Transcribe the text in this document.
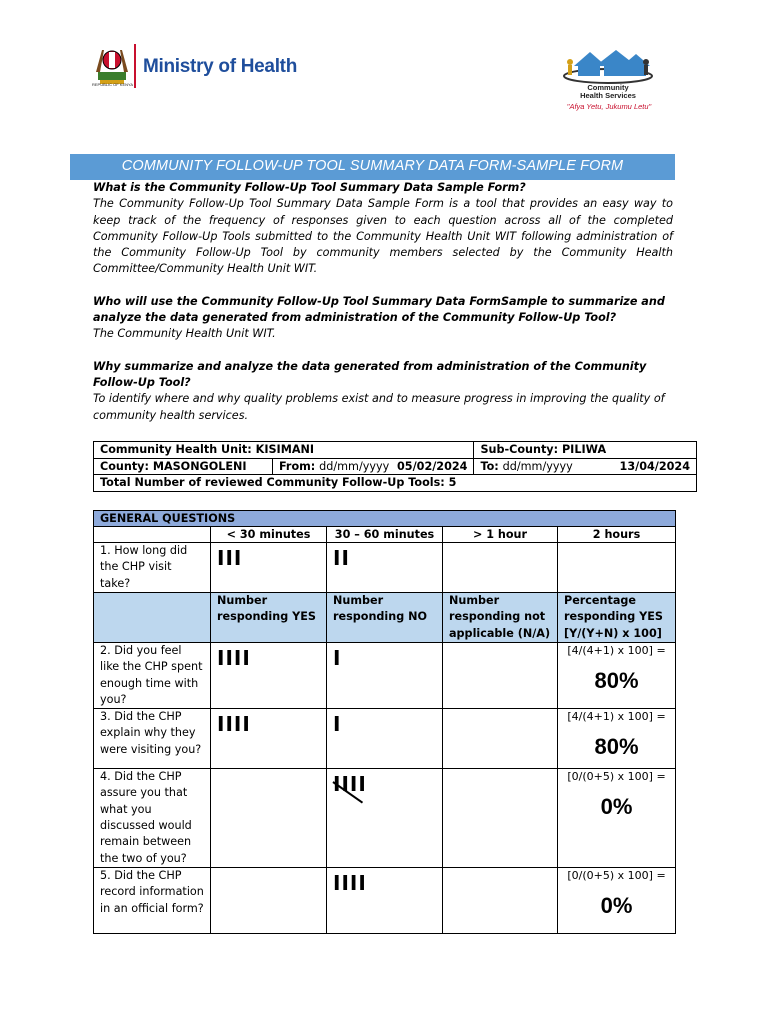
Ministry of Health
REPUBLIC OF KENYA	Community
Health Services
"Afya Yetu, Jukumu Letu"
COMMUNITY FOLLOW-UP TOOL SUMMARY DATA FORM-SAMPLE FORM

What is the Community Follow-Up Tool Summary Data Sample Form?

The Community Follow-Up Tool Summary Data Sample Form is a tool that provides an easy way to keep track of the frequency of responses given to each question across all of the completed Community Follow-Up Tools submitted to the Community Health Unit WIT following administration of the Community Follow-Up Tool by community members selected by the Community Health Committee/Community Health Unit WIT.

Who will use the Community Follow-Up Tool Summary Data FormSample to summarize and analyze the data generated from administration of the Community Follow-Up Tool?

The Community Health Unit WIT.

Why summarize and analyze the data generated from administration of the Community Follow-Up Tool?

To identify where and why quality problems exist and to measure progress in improving the quality of community health services.

Community Health Unit: KISIMANI		Sub-County: PILIWA
County: MASONGOLENI	From: dd/mm/yyyy 05/02/2024	To: dd/mm/yyyy 13/04/2024

Total Number of reviewed Community Follow-Up Tools: 5		
GENERAL QUESTIONS				
	< 30 minutes	30 – 60 minutes	> 1 hour	2 hours
1. How long did the CHP visit take?	III	II		

	Number responding YES	Number responding NO	Number responding not applicable (N/A)	Percentage responding YES [Y/(Y+N) x 100]
2. Did you feel like the CHP spent enough time with you?	IIII	I		[4/(4+1) x 100] =
80%

3. Did the CHP explain why they were visiting you?	IIII	I		[4/(4+1) x 100] =
80%

4. Did the CHP assure you that what you discussed would remain between the two of you?		IIII		[0/(0+5) x 100] =
0%

5. Did the CHP record information in an official form?		IIII		[0/(0+5) x 100] =
0%
